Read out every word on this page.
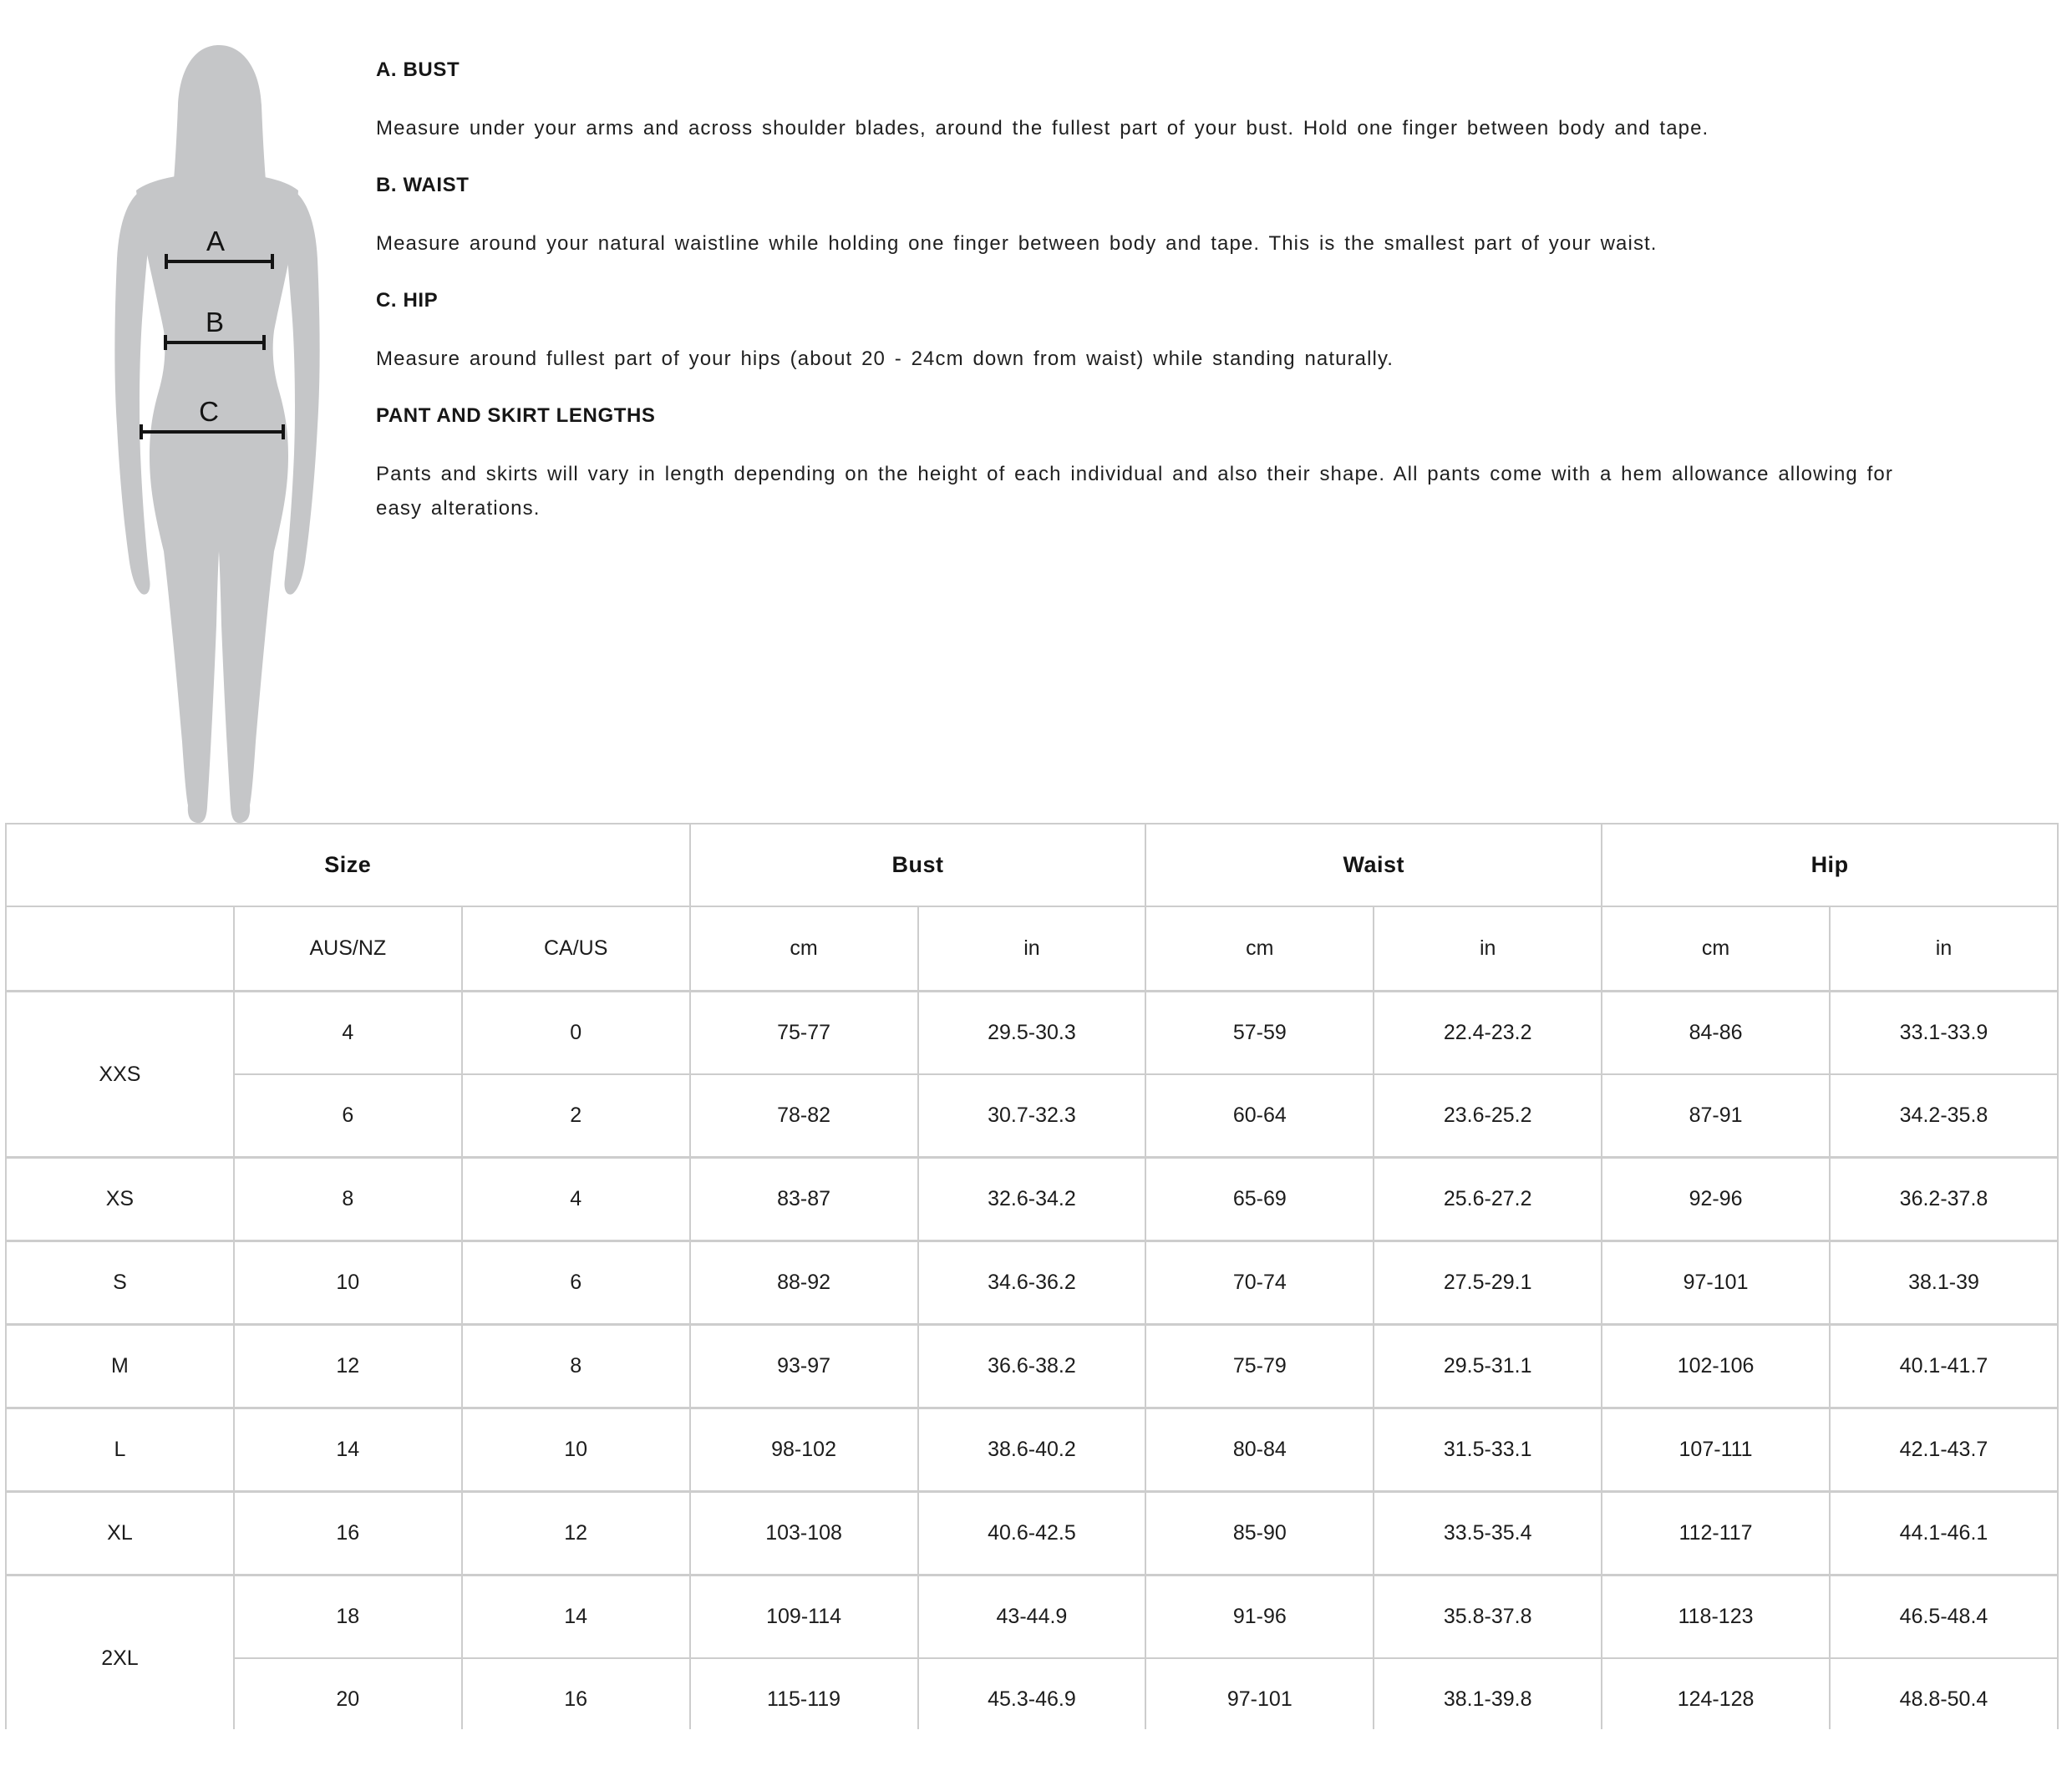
A
B
C
A. BUST

Measure under your arms and across shoulder blades, around the fullest part of your bust. Hold one finger between body and tape.

B. WAIST

Measure around your natural waistline while holding one finger between body and tape. This is the smallest part of your waist.

C. HIP

Measure around fullest part of your hips (about 20 - 24cm down from waist) while standing naturally.

PANT AND SKIRT LENGTHS

Pants and skirts will vary in length depending on the height of each individual and also their shape. All pants come with a hem allowance allowing for easy alterations.

Size			Bust		Waist		Hip	
	AUS/NZ	CA/US	cm	in	cm	in	cm	in
XXS	4	0	75-77	29.5-30.3	57-59	22.4-23.2	84-86	33.1-33.9
	6	2	78-82	30.7-32.3	60-64	23.6-25.2	87-91	34.2-35.8
XS	8	4	83-87	32.6-34.2	65-69	25.6-27.2	92-96	36.2-37.8
S	10	6	88-92	34.6-36.2	70-74	27.5-29.1	97-101	38.1-39
M	12	8	93-97	36.6-38.2	75-79	29.5-31.1	102-106	40.1-41.7
L	14	10	98-102	38.6-40.2	80-84	31.5-33.1	107-111	42.1-43.7
XL	16	12	103-108	40.6-42.5	85-90	33.5-35.4	112-117	44.1-46.1
2XL	18	14	109-114	43-44.9	91-96	35.8-37.8	118-123	46.5-48.4
	20	16	115-119	45.3-46.9	97-101	38.1-39.8	124-128	48.8-50.4
